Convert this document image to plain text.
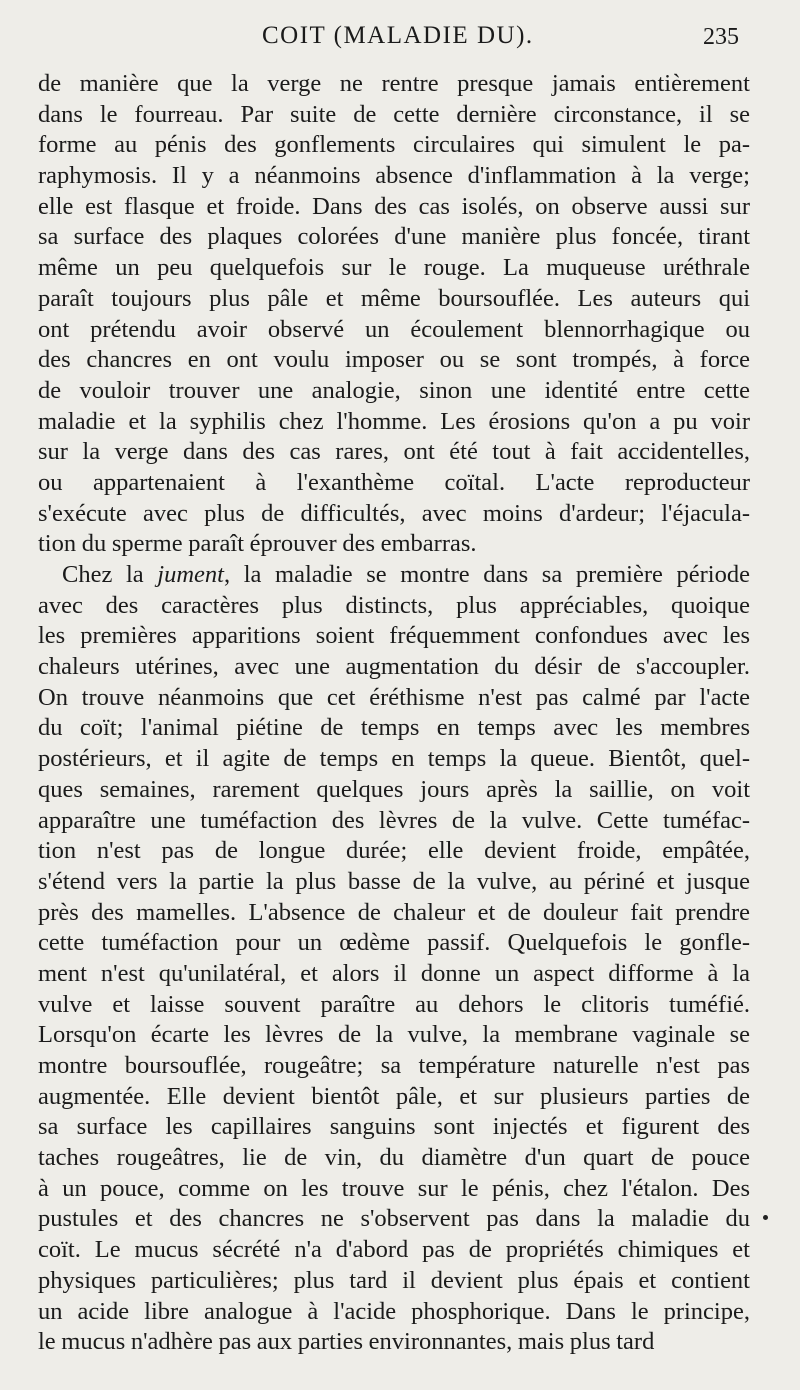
COIT (MALADIE DU).	235
de manière que la verge ne rentre presque jamais entièrement
dans le fourreau. Par suite de cette dernière circonstance, il se
forme au pénis des gonflements circulaires qui simulent le pa-
raphymosis. Il y a néanmoins absence d'inflammation à la verge;
elle est flasque et froide. Dans des cas isolés, on observe aussi sur
sa surface des plaques colorées d'une manière plus foncée, tirant
même un peu quelquefois sur le rouge. La muqueuse uréthrale
paraît toujours plus pâle et même boursouflée. Les auteurs qui
ont prétendu avoir observé un écoulement blennorrhagique ou
des chancres en ont voulu imposer ou se sont trompés, à force
de vouloir trouver une analogie, sinon une identité entre cette
maladie et la syphilis chez l'homme. Les érosions qu'on a pu voir
sur la verge dans des cas rares, ont été tout à fait accidentelles,
ou appartenaient à l'exanthème coïtal. L'acte reproducteur
s'exécute avec plus de difficultés, avec moins d'ardeur; l'éjacula-
tion du sperme paraît éprouver des embarras.
Chez la jument, la maladie se montre dans sa première période
avec des caractères plus distincts, plus appréciables, quoique
les premières apparitions soient fréquemment confondues avec les
chaleurs utérines, avec une augmentation du désir de s'accoupler.
On trouve néanmoins que cet éréthisme n'est pas calmé par l'acte
du coït; l'animal piétine de temps en temps avec les membres
postérieurs, et il agite de temps en temps la queue. Bientôt, quel-
ques semaines, rarement quelques jours après la saillie, on voit
apparaître une tuméfaction des lèvres de la vulve. Cette tuméfac-
tion n'est pas de longue durée; elle devient froide, empâtée,
s'étend vers la partie la plus basse de la vulve, au périné et jusque
près des mamelles. L'absence de chaleur et de douleur fait prendre
cette tuméfaction pour un œdème passif. Quelquefois le gonfle-
ment n'est qu'unilatéral, et alors il donne un aspect difforme à la
vulve et laisse souvent paraître au dehors le clitoris tuméfié.
Lorsqu'on écarte les lèvres de la vulve, la membrane vaginale se
montre boursouflée, rougeâtre; sa température naturelle n'est pas
augmentée. Elle devient bientôt pâle, et sur plusieurs parties de
sa surface les capillaires sanguins sont injectés et figurent des
taches rougeâtres, lie de vin, du diamètre d'un quart de pouce
à un pouce, comme on les trouve sur le pénis, chez l'étalon. Des
pustules et des chancres ne s'observent pas dans la maladie du
coït. Le mucus sécrété n'a d'abord pas de propriétés chimiques et
physiques particulières; plus tard il devient plus épais et contient
un acide libre analogue à l'acide phosphorique. Dans le principe,
le mucus n'adhère pas aux parties environnantes, mais plus tard
